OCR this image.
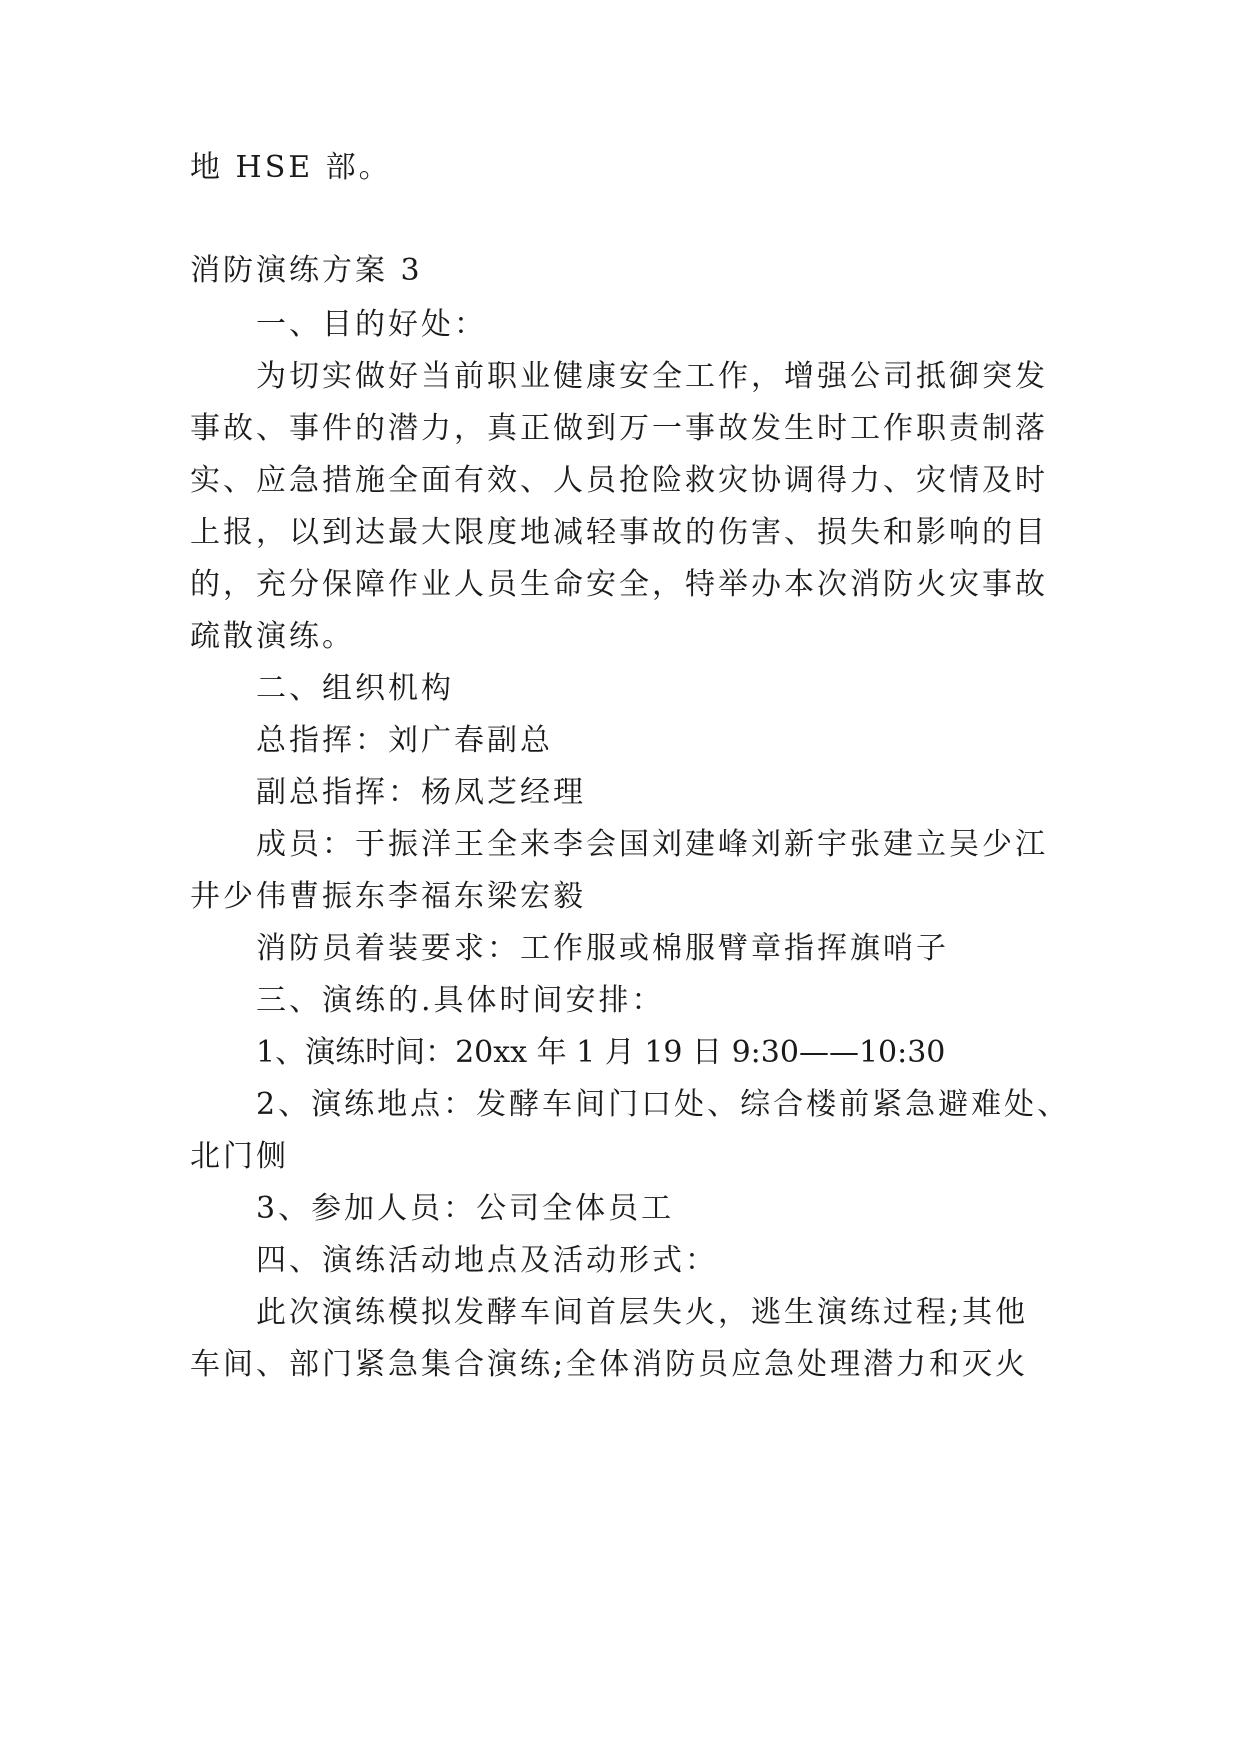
地 HSE 部。
消防演练方案 3
一、目的好处：
为切实做好当前职业健康安全工作，增强公司抵御突发
事故、事件的潜力，真正做到万一事故发生时工作职责制落
实、应急措施全面有效、人员抢险救灾协调得力、灾情及时
上报，以到达最大限度地减轻事故的伤害、损失和影响的目
的，充分保障作业人员生命安全，特举办本次消防火灾事故
疏散演练。
二、组织机构
总指挥：刘广春副总
副总指挥：杨凤芝经理
成员：于振洋王全来李会国刘建峰刘新宇张建立吴少江
井少伟曹振东李福东梁宏毅
消防员着装要求：工作服或棉服臂章指挥旗哨子
三、演练的.具体时间安排：
1、演练时间：20xx 年 1 月 19 日 9:30——10:30
2、演练地点：发酵车间门口处、综合楼前紧急避难处、
北门侧
3、参加人员：公司全体员工
四、演练活动地点及活动形式：
此次演练模拟发酵车间首层失火，逃生演练过程;其他
车间、部门紧急集合演练;全体消防员应急处理潜力和灭火
